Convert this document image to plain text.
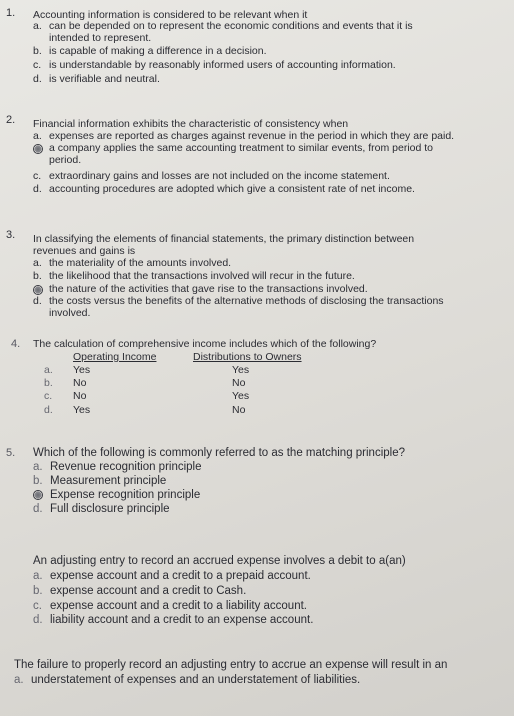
1. Accounting information is considered to be relevant when it
a. can be depended on to represent the economic conditions and events that it is
intended to represent.
b. is capable of making a difference in a decision.
c. is understandable by reasonably informed users of accounting information.
d. is verifiable and neutral.
2. Financial information exhibits the characteristic of consistency when
a. expenses are reported as charges against revenue in the period in which they are paid.
a company applies the same accounting treatment to similar events, from period to
period.
c. extraordinary gains and losses are not included on the income statement.
d. accounting procedures are adopted which give a consistent rate of net income.
3. In classifying the elements of financial statements, the primary distinction between
revenues and gains is
a. the materiality of the amounts involved.
b. the likelihood that the transactions involved will recur in the future.
the nature of the activities that gave rise to the transactions involved.
d. the costs versus the benefits of the alternative methods of disclosing the transactions
involved.
4. The calculation of comprehensive income includes which of the following?
Operating Income	Distributions to Owners
a. Yes	Yes
b. No	No
c. No	Yes
d. Yes	No
5. Which of the following is commonly referred to as the matching principle?
a. Revenue recognition principle
b. Measurement principle
Expense recognition principle
d. Full disclosure principle
An adjusting entry to record an accrued expense involves a debit to a(an)
a. expense account and a credit to a prepaid account.
b. expense account and a credit to Cash.
c. expense account and a credit to a liability account.
d. liability account and a credit to an expense account.
The failure to properly record an adjusting entry to accrue an expense will result in an
a. understatement of expenses and an understatement of liabilities.
